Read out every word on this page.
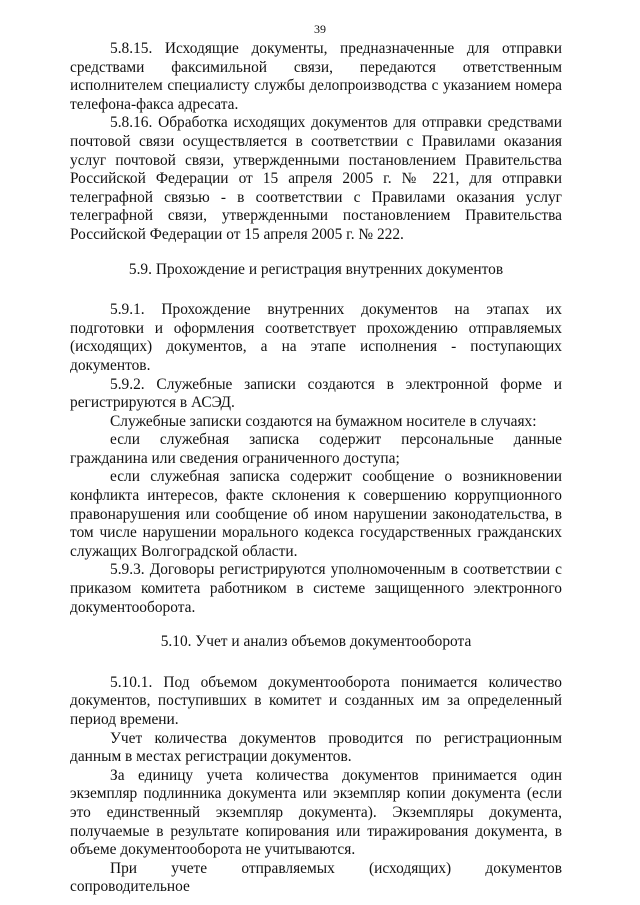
39

5.8.15. Исходящие документы, предназначенные для отправки средствами факсимильной связи, передаются ответственным исполнителем специалисту службы делопроизводства с указанием номера телефона-факса адресата.

5.8.16. Обработка исходящих документов для отправки средствами почтовой связи осуществляется в соответствии с Правилами оказания услуг почтовой связи, утвержденными постановлением Правительства Российской Федерации от 15 апреля 2005 г. № 221, для отправки телеграфной связью - в соответствии с Правилами оказания услуг телеграфной связи, утвержденными постановлением Правительства Российской Федерации от 15 апреля 2005 г. № 222.

5.9. Прохождение и регистрация внутренних документов

5.9.1. Прохождение внутренних документов на этапах их подготовки и оформления соответствует прохождению отправляемых (исходящих) документов, а на этапе исполнения - поступающих документов.

5.9.2. Служебные записки создаются в электронной форме и регистрируются в АСЭД.

Служебные записки создаются на бумажном носителе в случаях:

если служебная записка содержит персональные данные гражданина или сведения ограниченного доступа;

если служебная записка содержит сообщение о возникновении конфликта интересов, факте склонения к совершению коррупционного правонарушения или сообщение об ином нарушении законодательства, в том числе нарушении морального кодекса государственных гражданских служащих Волгоградской области.

5.9.3. Договоры регистрируются уполномоченным в соответствии с приказом комитета работником в системе защищенного электронного документооборота.

5.10. Учет и анализ объемов документооборота

5.10.1. Под объемом документооборота понимается количество документов, поступивших в комитет и созданных им за определенный период времени.

Учет количества документов проводится по регистрационным данным в местах регистрации документов.

За единицу учета количества документов принимается один экземпляр подлинника документа или экземпляр копии документа (если это единственный экземпляр документа). Экземпляры документа, получаемые в результате копирования или тиражирования документа, в объеме документооборота не учитываются.

При учете отправляемых (исходящих) документов сопроводительное
